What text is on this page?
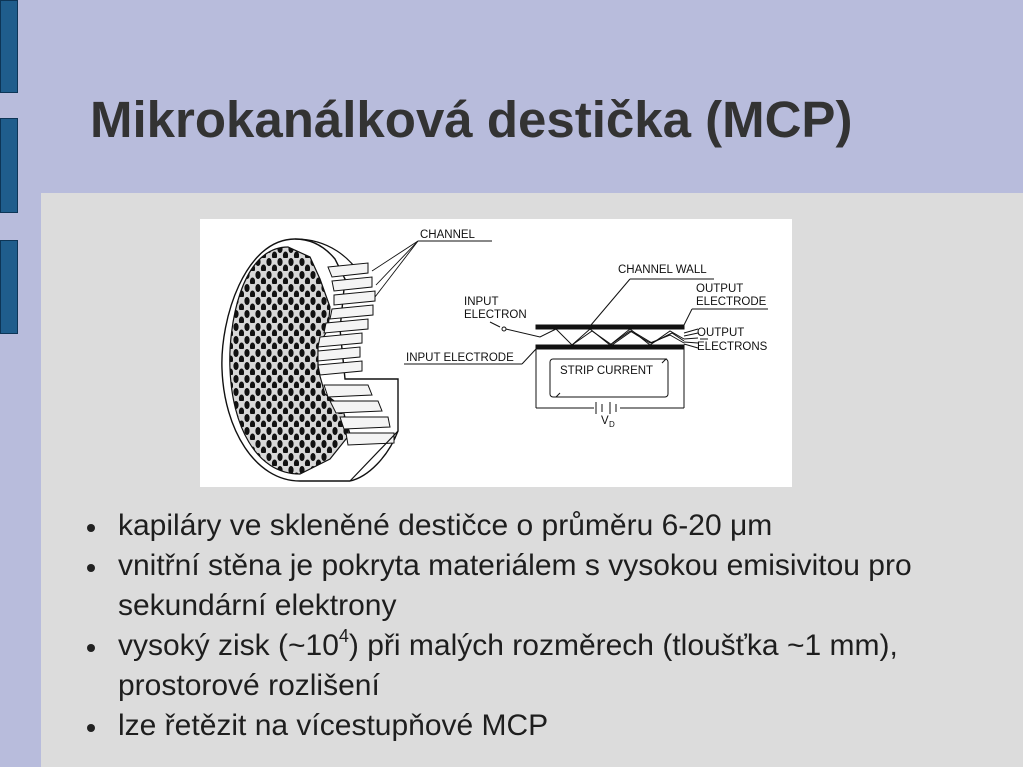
Mikrokanálková destička (MCP)
CHANNEL
CHANNEL WALL
INPUT
ELECTRON
OUTPUT
ELECTRODE
OUTPUT
ELECTRONS
INPUT ELECTRODE
STRIP CURRENT
V D
kapiláry ve skleněné destičce o průměru 6-20 μm
vnitřní stěna je pokryta materiálem s vysokou emisivitou pro sekundární elektrony
vysoký zisk $(\sim 10^4)$ při malých rozměrech (tloušťka ~1 mm), prostorové rozlišení
lze řetězit na vícestupňové MCP
